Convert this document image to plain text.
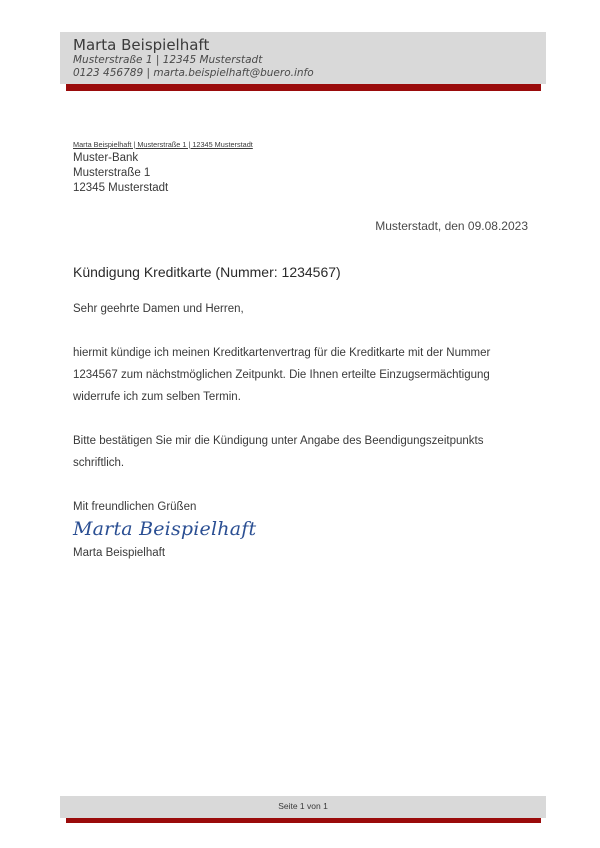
Marta Beispielhaft
Musterstraße 1 | 12345 Musterstadt
0123 456789 | marta.beispielhaft@buero.info
Marta Beispielhaft | Musterstraße 1 | 12345 Musterstadt
Muster-Bank
Musterstraße 1
12345 Musterstadt
Musterstadt, den 09.08.2023
Kündigung Kreditkarte (Nummer: 1234567)
Sehr geehrte Damen und Herren,
hiermit kündige ich meinen Kreditkartenvertrag für die Kreditkarte mit der Nummer
1234567 zum nächstmöglichen Zeitpunkt. Die Ihnen erteilte Einzugsermächtigung
widerrufe ich zum selben Termin.
Bitte bestätigen Sie mir die Kündigung unter Angabe des Beendigungszeitpunkts
schriftlich.
Mit freundlichen Grüßen
Marta Beispielhaft
Marta Beispielhaft
Seite 1 von 1
